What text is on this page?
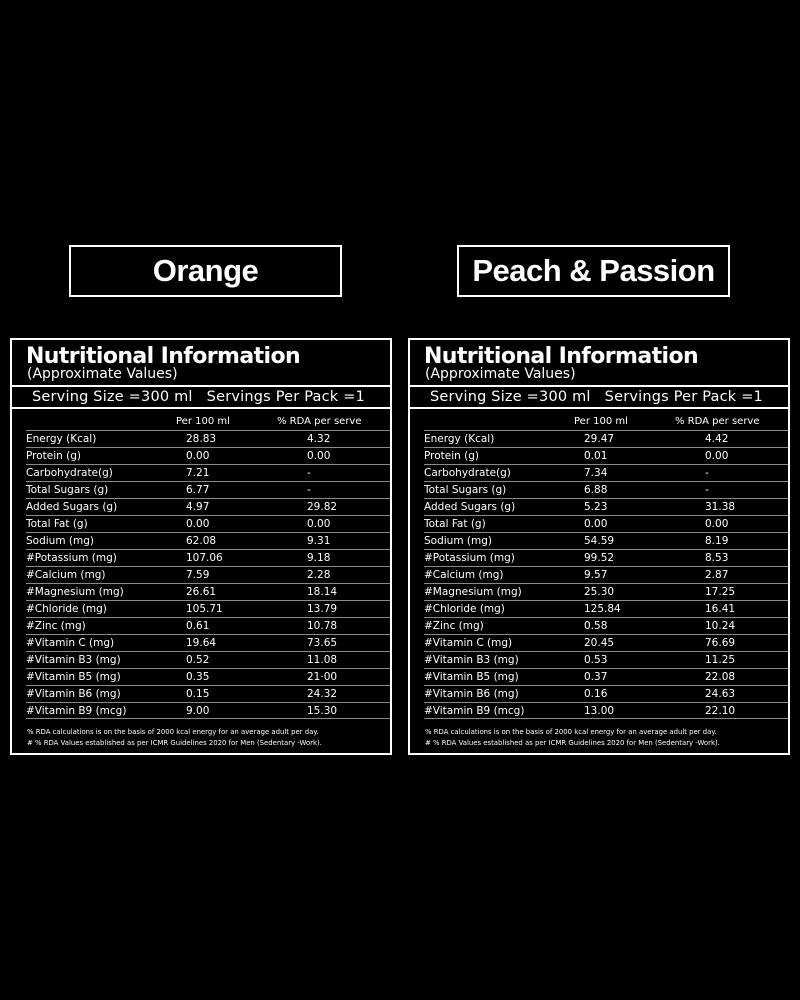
Orange	Peach & Passion
Nutritional Information
(Approximate Values)
Serving Size =300 ml Servings Per Pack =1
Per 100 ml	% RDA per serve
Energy (Kcal)	28.83	4.32
Protein (g)	0.00	0.00
Carbohydrate(g)	7.21	-
Total Sugars (g)	6.77	-
Added Sugars (g)	4.97	29.82
Total Fat (g)	0.00	0.00
Sodium (mg)	62.08	9.31
#Potassium (mg)	107.06	9.18
#Calcium (mg)	7.59	2.28
#Magnesium (mg)	26.61	18.14
#Chloride (mg)	105.71	13.79
#Zinc (mg)	0.61	10.78
#Vitamin C (mg)	19.64	73.65
#Vitamin B3 (mg)	0.52	11.08
#Vitamin B5 (mg)	0.35	21·00
#Vitamin B6 (mg)	0.15	24.32
#Vitamin B9 (mcg)	9.00	15.30
% RDA calculations is on the basis of 2000 kcal energy for an average adult per day.
# % RDA Values established as per ICMR Guidelines 2020 for Men (Sedentary -Work).
Nutritional Information
(Approximate Values)
Serving Size =300 ml Servings Per Pack =1
Per 100 ml	% RDA per serve
Energy (Kcal)	29.47	4.42
Protein (g)	0.01	0.00
Carbohydrate(g)	7.34	-
Total Sugars (g)	6.88	-
Added Sugars (g)	5.23	31.38
Total Fat (g)	0.00	0.00
Sodium (mg)	54.59	8.19
#Potassium (mg)	99.52	8.53
#Calcium (mg)	9.57	2.87
#Magnesium (mg)	25.30	17.25
#Chloride (mg)	125.84	16.41
#Zinc (mg)	0.58	10.24
#Vitamin C (mg)	20.45	76.69
#Vitamin B3 (mg)	0.53	11.25
#Vitamin B5 (mg)	0.37	22.08
#Vitamin B6 (mg)	0.16	24.63
#Vitamin B9 (mcg)	13.00	22.10
% RDA calculations is on the basis of 2000 kcal energy for an average adult per day.
# % RDA Values established as per ICMR Guidelines 2020 for Men (Sedentary -Work).
